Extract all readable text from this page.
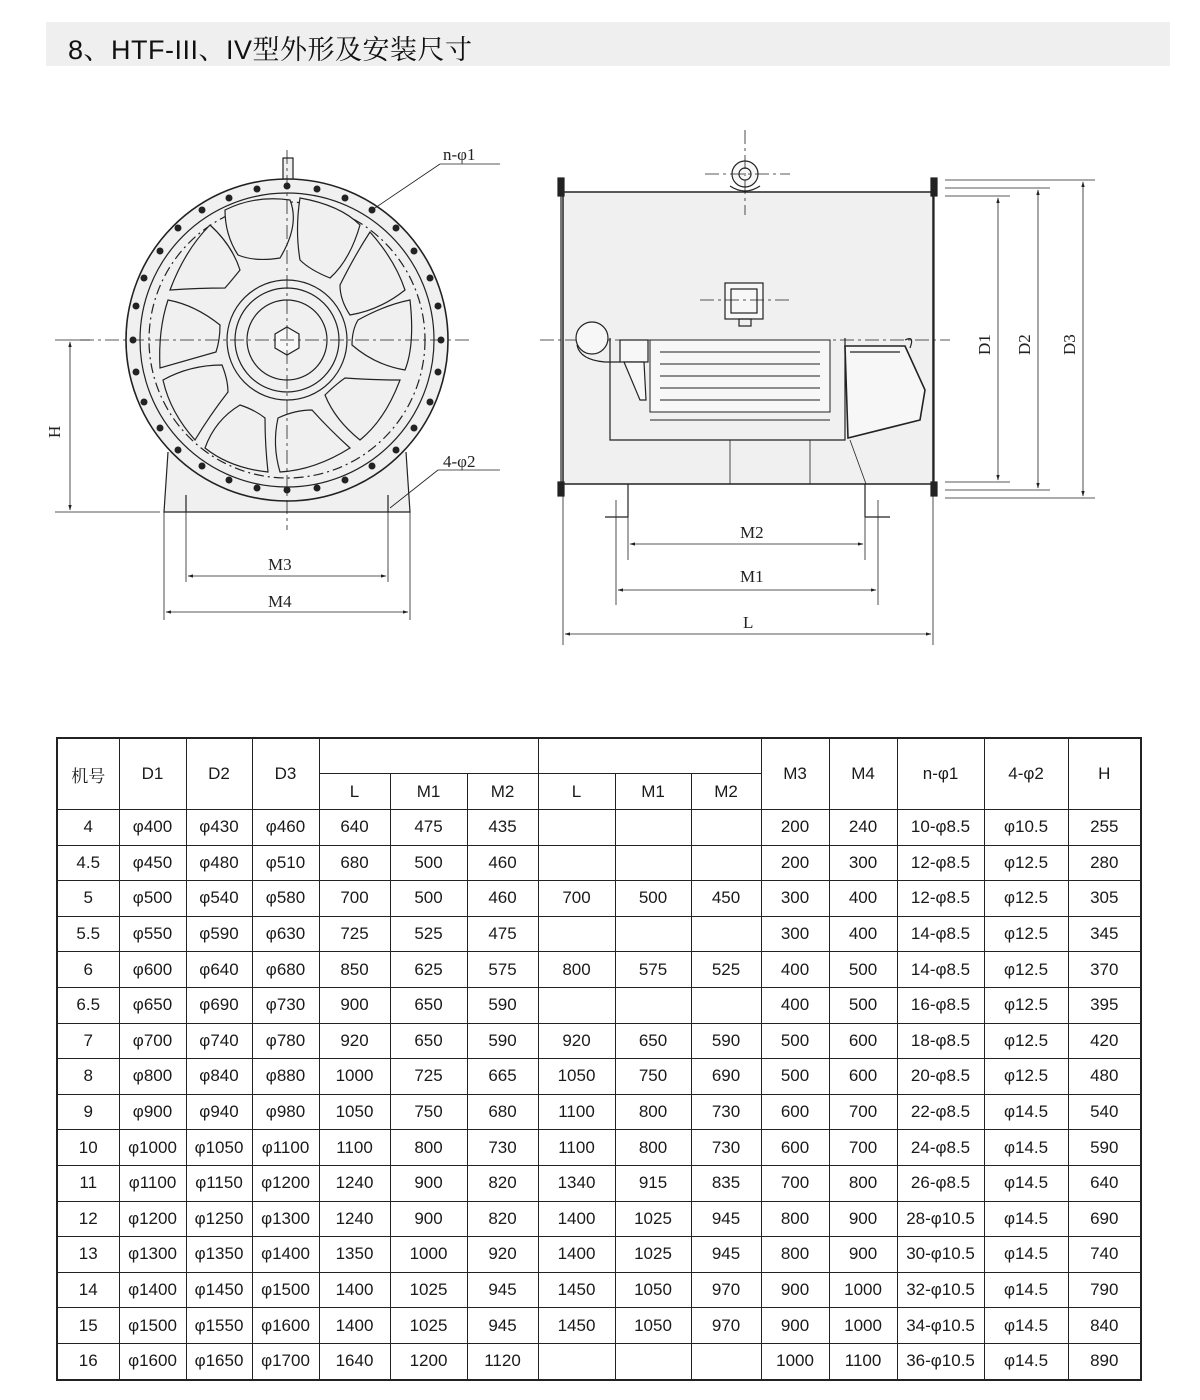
8、HTF-III、IV型外形及安装尺寸
n-φ1
4-φ2
H
M3
M4
M2
M1
L
D1 D2 D3
机号	D1	D2	D3							M3	M4	n-φ1	4-φ2	H
				L	M1	M2	L	M1	M2					
4	φ400	φ430	φ460	640	475	435				200	240	10-φ8.5	φ10.5	255
4.5	φ450	φ480	φ510	680	500	460				200	300	12-φ8.5	φ12.5	280
5	φ500	φ540	φ580	700	500	460	700	500	450	300	400	12-φ8.5	φ12.5	305
5.5	φ550	φ590	φ630	725	525	475				300	400	14-φ8.5	φ12.5	345
6	φ600	φ640	φ680	850	625	575	800	575	525	400	500	14-φ8.5	φ12.5	370
6.5	φ650	φ690	φ730	900	650	590				400	500	16-φ8.5	φ12.5	395
7	φ700	φ740	φ780	920	650	590	920	650	590	500	600	18-φ8.5	φ12.5	420
8	φ800	φ840	φ880	1000	725	665	1050	750	690	500	600	20-φ8.5	φ12.5	480
9	φ900	φ940	φ980	1050	750	680	1100	800	730	600	700	22-φ8.5	φ14.5	540
10	φ1000	φ1050	φ1100	1100	800	730	1100	800	730	600	700	24-φ8.5	φ14.5	590
11	φ1100	φ1150	φ1200	1240	900	820	1340	915	835	700	800	26-φ8.5	φ14.5	640
12	φ1200	φ1250	φ1300	1240	900	820	1400	1025	945	800	900	28-φ10.5	φ14.5	690
13	φ1300	φ1350	φ1400	1350	1000	920	1400	1025	945	800	900	30-φ10.5	φ14.5	740
14	φ1400	φ1450	φ1500	1400	1025	945	1450	1050	970	900	1000	32-φ10.5	φ14.5	790
15	φ1500	φ1550	φ1600	1400	1025	945	1450	1050	970	900	1000	34-φ10.5	φ14.5	840
16	φ1600	φ1650	φ1700	1640	1200	1120				1000	1100	36-φ10.5	φ14.5	890
